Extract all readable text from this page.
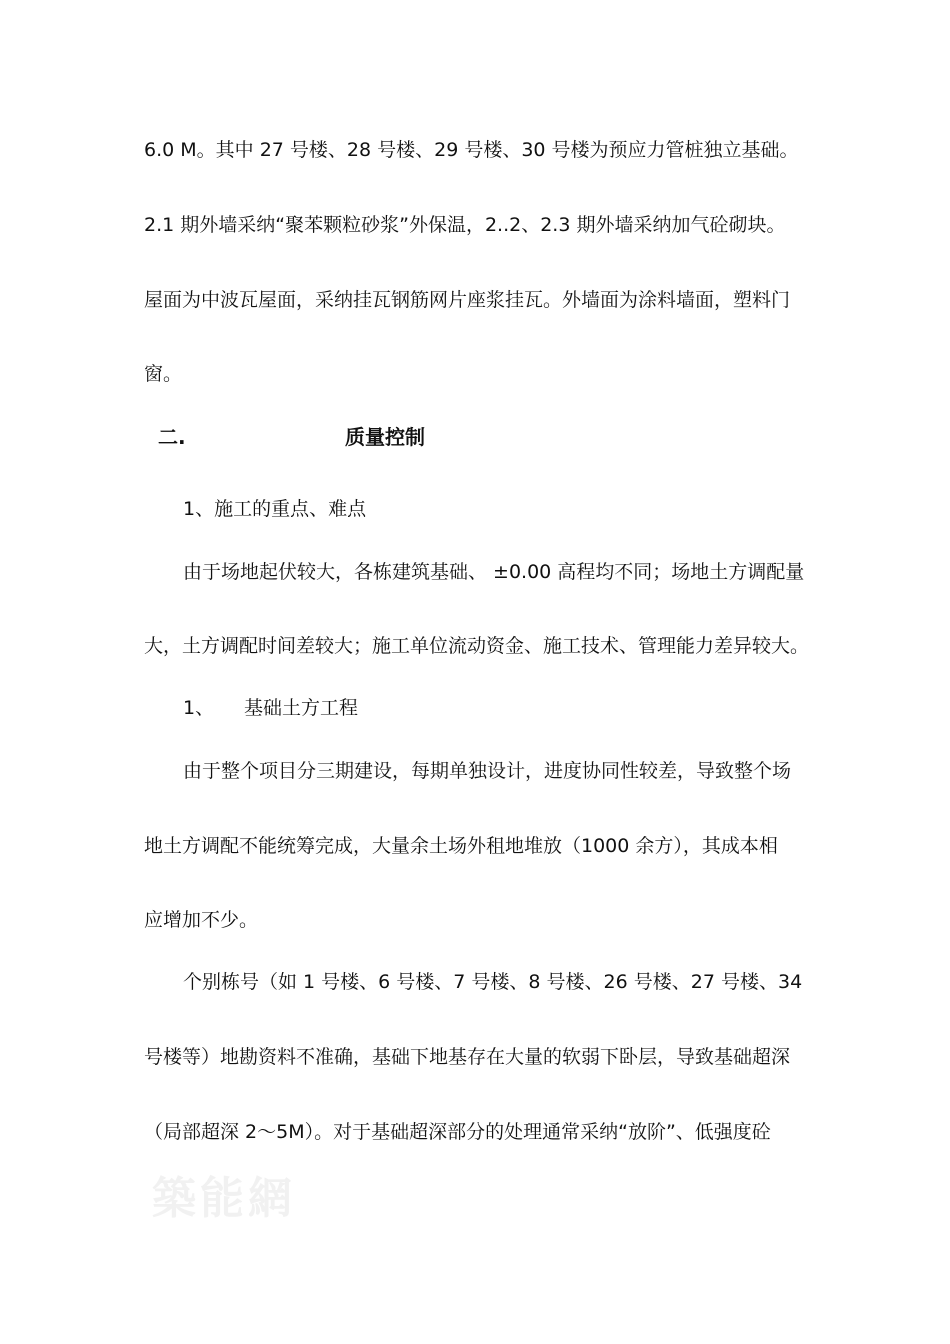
6.0 M。其中 27 号楼、28 号楼、29 号楼、30 号楼为预应力管桩独立基础。
2.1 期外墙采纳“聚苯颗粒砂浆”外保温，2..2、2.3 期外墙采纳加气砼砌块。
屋面为中波瓦屋面，采纳挂瓦钢筋网片座浆挂瓦。外墙面为涂料墙面，塑料门
窗。
二.	质量控制
1、施工的重点、难点
由于场地起伏较大，各栋建筑基础、 ±0.00 高程均不同；场地土方调配量
大，土方调配时间差较大；施工单位流动资金、施工技术、管理能力差异较大。
1、 基础土方工程
由于整个项目分三期建设，每期单独设计，进度协同性较差，导致整个场
地土方调配不能统筹完成，大量余土场外租地堆放（1000 余方），其成本相
应增加不少。
个别栋号（如 1 号楼、6 号楼、7 号楼、8 号楼、26 号楼、27 号楼、34
号楼等）地勘资料不准确，基础下地基存在大量的软弱下卧层，导致基础超深
（局部超深 2～5M）。对于基础超深部分的处理通常采纳“放阶”、低强度砼
築能網
